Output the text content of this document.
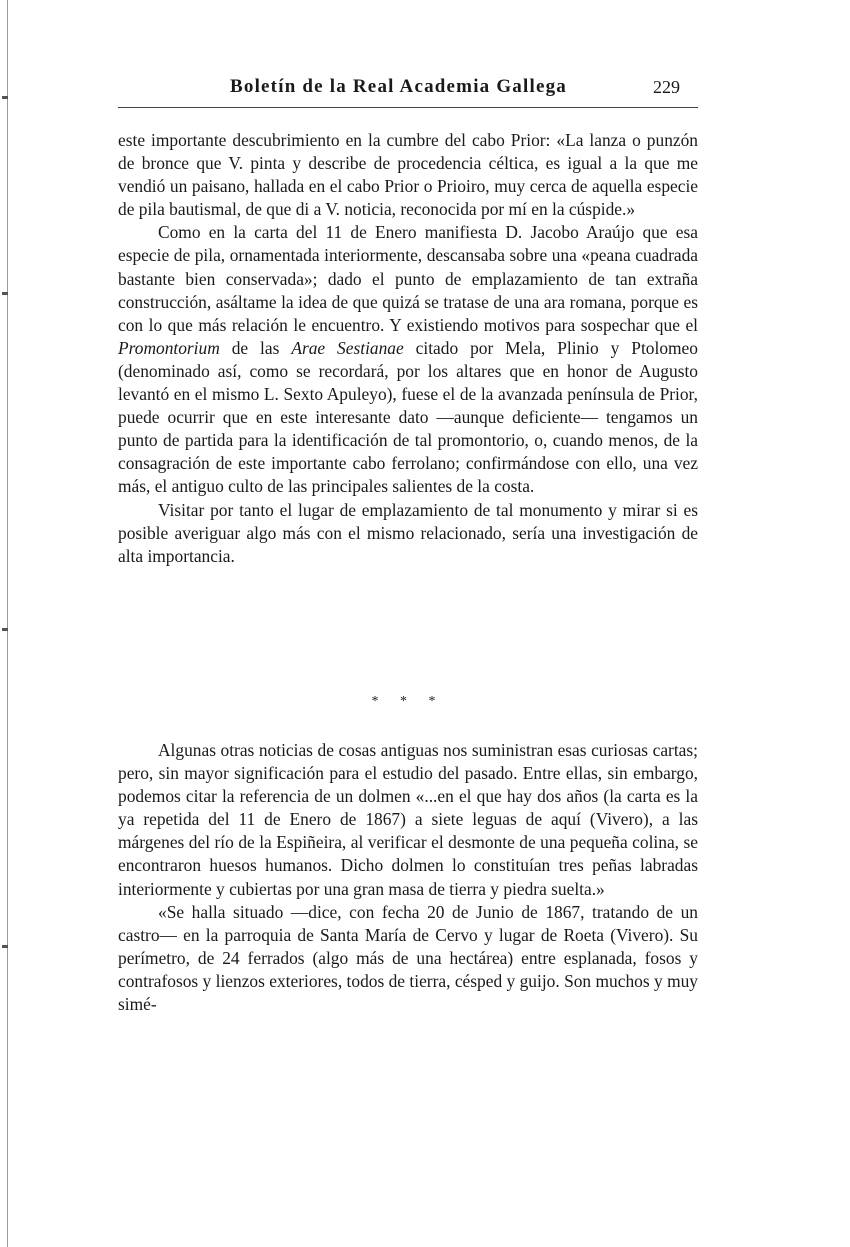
Boletín de la Real Academia Gallega	229

este importante descubrimiento en la cumbre del cabo Prior: «La lanza o punzón de bronce que V. pinta y describe de procedencia céltica, es igual a la que me vendió un paisano, hallada en el cabo Prior o Prioiro, muy cerca de aquella especie de pila bautismal, de que di a V. noticia, reconocida por mí en la cúspide.»

Como en la carta del 11 de Enero manifiesta D. Jacobo Araújo que esa especie de pila, ornamentada interiormente, descansaba sobre una «peana cuadrada bastante bien conservada»; dado el punto de emplazamiento de tan extraña construcción, asáltame la idea de que quizá se tratase de una ara romana, porque es con lo que más relación le encuentro. Y existiendo motivos para sospechar que el Promontorium de las Arae Sestianae citado por Mela, Plinio y Ptolomeo (denominado así, como se recordará, por los altares que en honor de Augusto levantó en el mismo L. Sexto Apuleyo), fuese el de la avanzada península de Prior, puede ocurrir que en este interesante dato —aunque deficiente— tengamos un punto de partida para la identificación de tal promontorio, o, cuando menos, de la consagración de este importante cabo ferrolano; confirmándose con ello, una vez más, el antiguo culto de las principales salientes de la costa.

Visitar por tanto el lugar de emplazamiento de tal monumento y mirar si es posible averiguar algo más con el mismo relacionado, sería una investigación de alta importancia.

* * *

Algunas otras noticias de cosas antiguas nos suministran esas curiosas cartas; pero, sin mayor significación para el estudio del pasado. Entre ellas, sin embargo, podemos citar la referencia de un dolmen «...en el que hay dos años (la carta es la ya repetida del 11 de Enero de 1867) a siete leguas de aquí (Vivero), a las márgenes del río de la Espiñeira, al verificar el desmonte de una pequeña colina, se encontraron huesos humanos. Dicho dolmen lo constituían tres peñas labradas interiormente y cubiertas por una gran masa de tierra y piedra suelta.»

«Se halla situado —dice, con fecha 20 de Junio de 1867, tratando de un castro— en la parroquia de Santa María de Cervo y lugar de Roeta (Vivero). Su perímetro, de 24 ferrados (algo más de una hectárea) entre esplanada, fosos y contrafosos y lienzos exteriores, todos de tierra, césped y guijo. Son muchos y muy simé-
